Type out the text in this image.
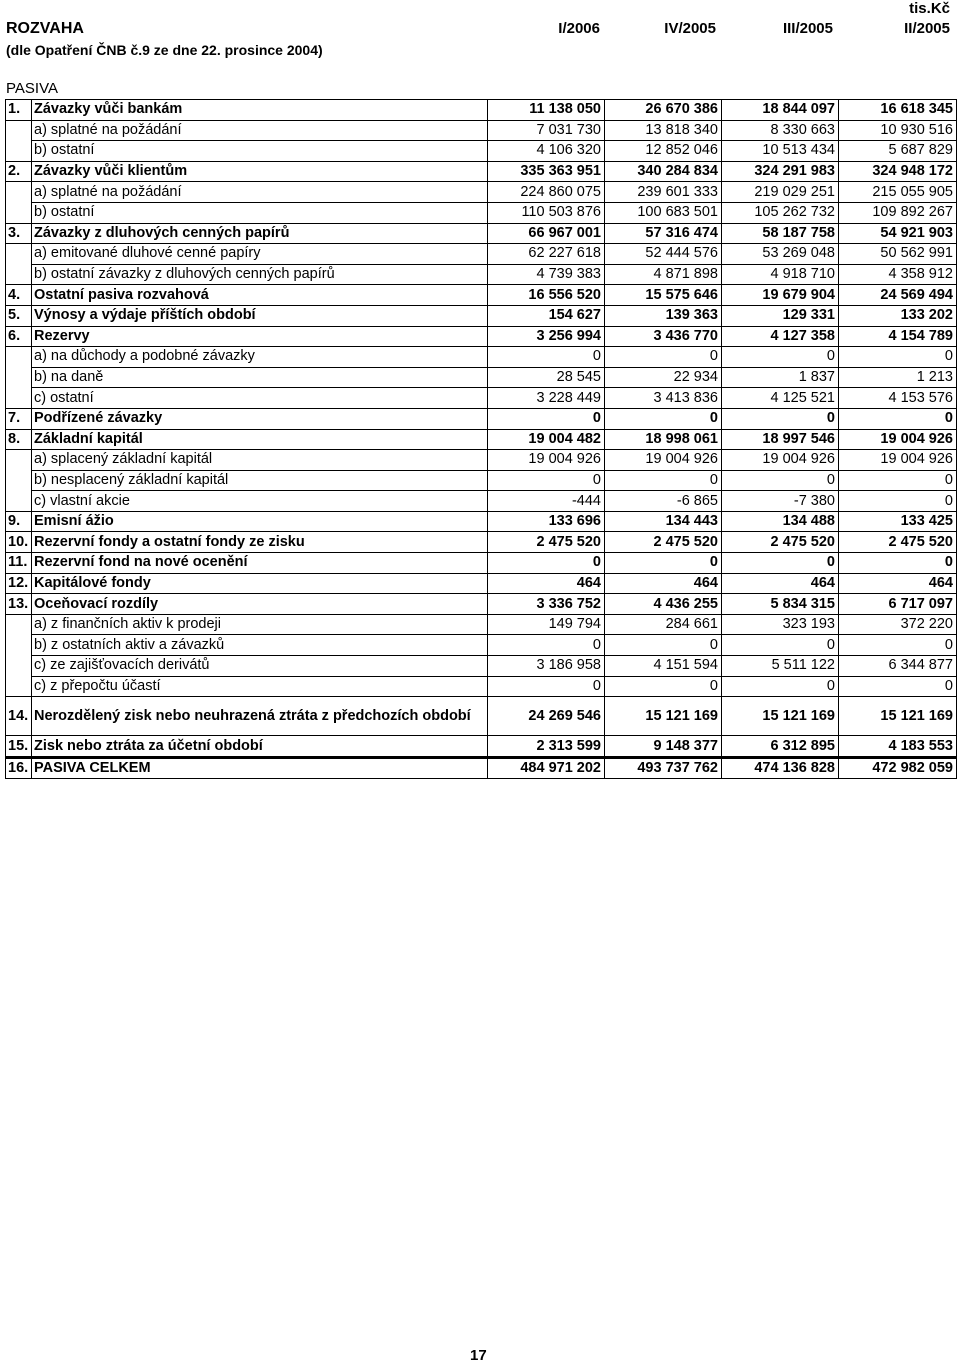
tis.Kč
ROZVAHA
(dle Opatření ČNB č.9 ze dne 22. prosince 2004)
I/2006	IV/2005	III/2005	II/2005
PASIVA
1.	Závazky vůči bankám	11 138 050	26 670 386	18 844 097	16 618 345
	a) splatné na požádání	7 031 730	13 818 340	8 330 663	10 930 516
	b) ostatní	4 106 320	12 852 046	10 513 434	5 687 829
2.	Závazky vůči klientům	335 363 951	340 284 834	324 291 983	324 948 172
	a) splatné na požádání	224 860 075	239 601 333	219 029 251	215 055 905
	b) ostatní	110 503 876	100 683 501	105 262 732	109 892 267
3.	Závazky z dluhových cenných papírů	66 967 001	57 316 474	58 187 758	54 921 903
	a) emitované dluhové cenné papíry	62 227 618	52 444 576	53 269 048	50 562 991
	b) ostatní závazky z dluhových cenných papírů	4 739 383	4 871 898	4 918 710	4 358 912
4.	Ostatní pasiva rozvahová	16 556 520	15 575 646	19 679 904	24 569 494
5.	Výnosy a výdaje příštích období	154 627	139 363	129 331	133 202
6.	Rezervy	3 256 994	3 436 770	4 127 358	4 154 789
	a) na důchody a podobné závazky	0	0	0	0
	b) na daně	28 545	22 934	1 837	1 213
	c) ostatní	3 228 449	3 413 836	4 125 521	4 153 576
7.	Podřízené závazky	0	0	0	0
8.	Základní kapitál	19 004 482	18 998 061	18 997 546	19 004 926
	a) splacený základní kapitál	19 004 926	19 004 926	19 004 926	19 004 926
	b) nesplacený základní kapitál	0	0	0	0
	c) vlastní akcie	-444	-6 865	-7 380	0
9.	Emisní ážio	133 696	134 443	134 488	133 425
10.	Rezervní fondy a ostatní fondy ze zisku	2 475 520	2 475 520	2 475 520	2 475 520
11.	Rezervní fond na nové ocenění	0	0	0	0
12.	Kapitálové fondy	464	464	464	464
13.	Oceňovací rozdíly	3 336 752	4 436 255	5 834 315	6 717 097
	a) z finančních aktiv k prodeji	149 794	284 661	323 193	372 220
	b) z ostatních aktiv a závazků	0	0	0	0
	c) ze zajišťovacích derivátů	3 186 958	4 151 594	5 511 122	6 344 877
	c) z přepočtu účastí	0	0	0	0
14.	Nerozdělený zisk nebo neuhrazená ztráta z předchozích období	24 269 546	15 121 169	15 121 169	15 121 169
15.	Zisk nebo ztráta za účetní období	2 313 599	9 148 377	6 312 895	4 183 553
16.	PASIVA CELKEM	484 971 202	493 737 762	474 136 828	472 982 059
17
